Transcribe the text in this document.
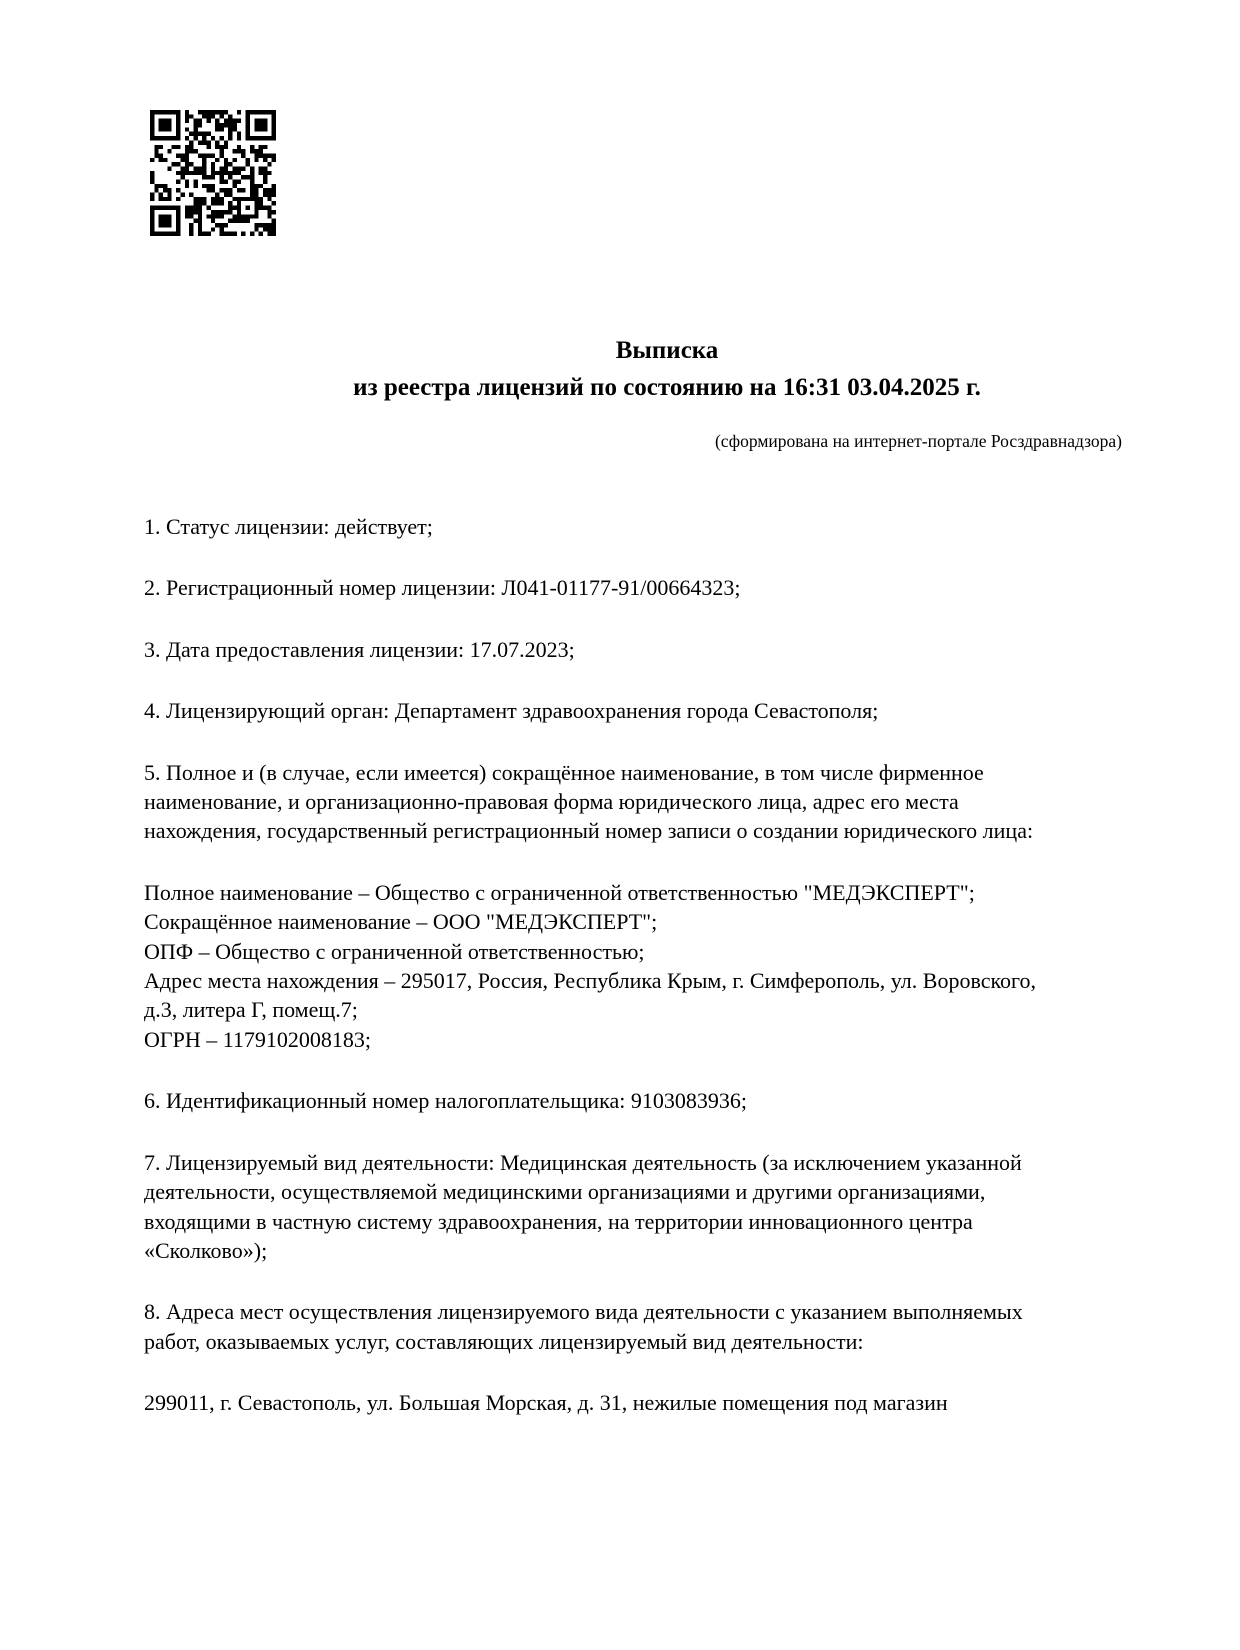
Выписка
из реестра лицензий по состоянию на 16:31 03.04.2025 г.
(сформирована на интернет-портале Росздравнадзора)

1. Статус лицензии: действует;

2. Регистрационный номер лицензии: Л041-01177-91/00664323;

3. Дата предоставления лицензии: 17.07.2023;

4. Лицензирующий орган: Департамент здравоохранения города Севастополя;

5. Полное и (в случае, если имеется) сокращённое наименование, в том числе фирменное
наименование, и организационно-правовая форма юридического лица, адрес его места
нахождения, государственный регистрационный номер записи о создании юридического лица:

Полное наименование – Общество с ограниченной ответственностью "МЕДЭКСПЕРТ";
Сокращённое наименование – ООО "МЕДЭКСПЕРТ";
ОПФ – Общество с ограниченной ответственностью;
Адрес места нахождения – 295017, Россия, Республика Крым, г. Симферополь, ул. Воровского,
д.3, литера Г, помещ.7;
ОГРН – 1179102008183;

6. Идентификационный номер налогоплательщика: 9103083936;

7. Лицензируемый вид деятельности: Медицинская деятельность (за исключением указанной
деятельности, осуществляемой медицинскими организациями и другими организациями,
входящими в частную систему здравоохранения, на территории инновационного центра
«Сколково»);

8. Адреса мест осуществления лицензируемого вида деятельности с указанием выполняемых
работ, оказываемых услуг, составляющих лицензируемый вид деятельности:

299011, г. Севастополь, ул. Большая Морская, д. 31, нежилые помещения под магазин
